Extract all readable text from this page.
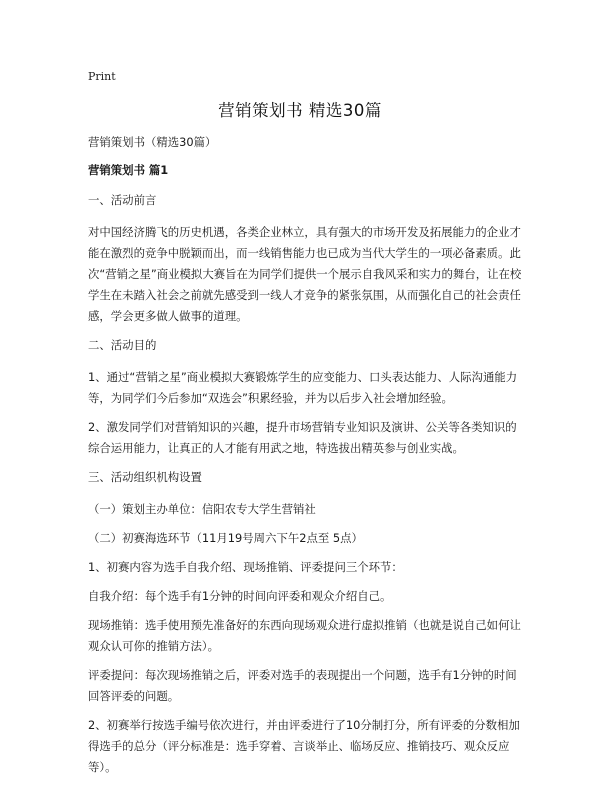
Print
营销策划书 精选30篇

营销策划书（精选30篇）

营销策划书 篇1

一、活动前言

对中国经济腾飞的历史机遇，各类企业林立，具有强大的市场开发及拓展能力的企业才能在激烈的竞争中脱颖而出，而一线销售能力也已成为当代大学生的一项必备素质。此次“营销之星”商业模拟大赛旨在为同学们提供一个展示自我风采和实力的舞台，让在校学生在未踏入社会之前就先感受到一线人才竞争的紧张氛围，从而强化自己的社会责任感，学会更多做人做事的道理。

二、活动目的

1、通过“营销之星”商业模拟大赛锻炼学生的应变能力、口头表达能力、人际沟通能力等，为同学们今后参加“双选会”积累经验，并为以后步入社会增加经验。

2、激发同学们对营销知识的兴趣，提升市场营销专业知识及演讲、公关等各类知识的综合运用能力，让真正的人才能有用武之地，特选拔出精英参与创业实战。

三、活动组织机构设置

（一）策划主办单位：信阳农专大学生营销社

（二）初赛海选环节（11月19号周六下午2点至 5点）

1、初赛内容为选手自我介绍、现场推销、评委提问三个环节：

自我介绍：每个选手有1分钟的时间向评委和观众介绍自己。

现场推销：选手使用预先准备好的东西向现场观众进行虚拟推销（也就是说自己如何让观众认可你的推销方法）。

评委提问：每次现场推销之后，评委对选手的表现提出一个问题，选手有1分钟的时间回答评委的问题。

2、初赛举行按选手编号依次进行，并由评委进行了10分制打分，所有评委的分数相加得选手的总分（评分标准是：选手穿着、言谈举止、临场反应、推销技巧、观众反应等）。
